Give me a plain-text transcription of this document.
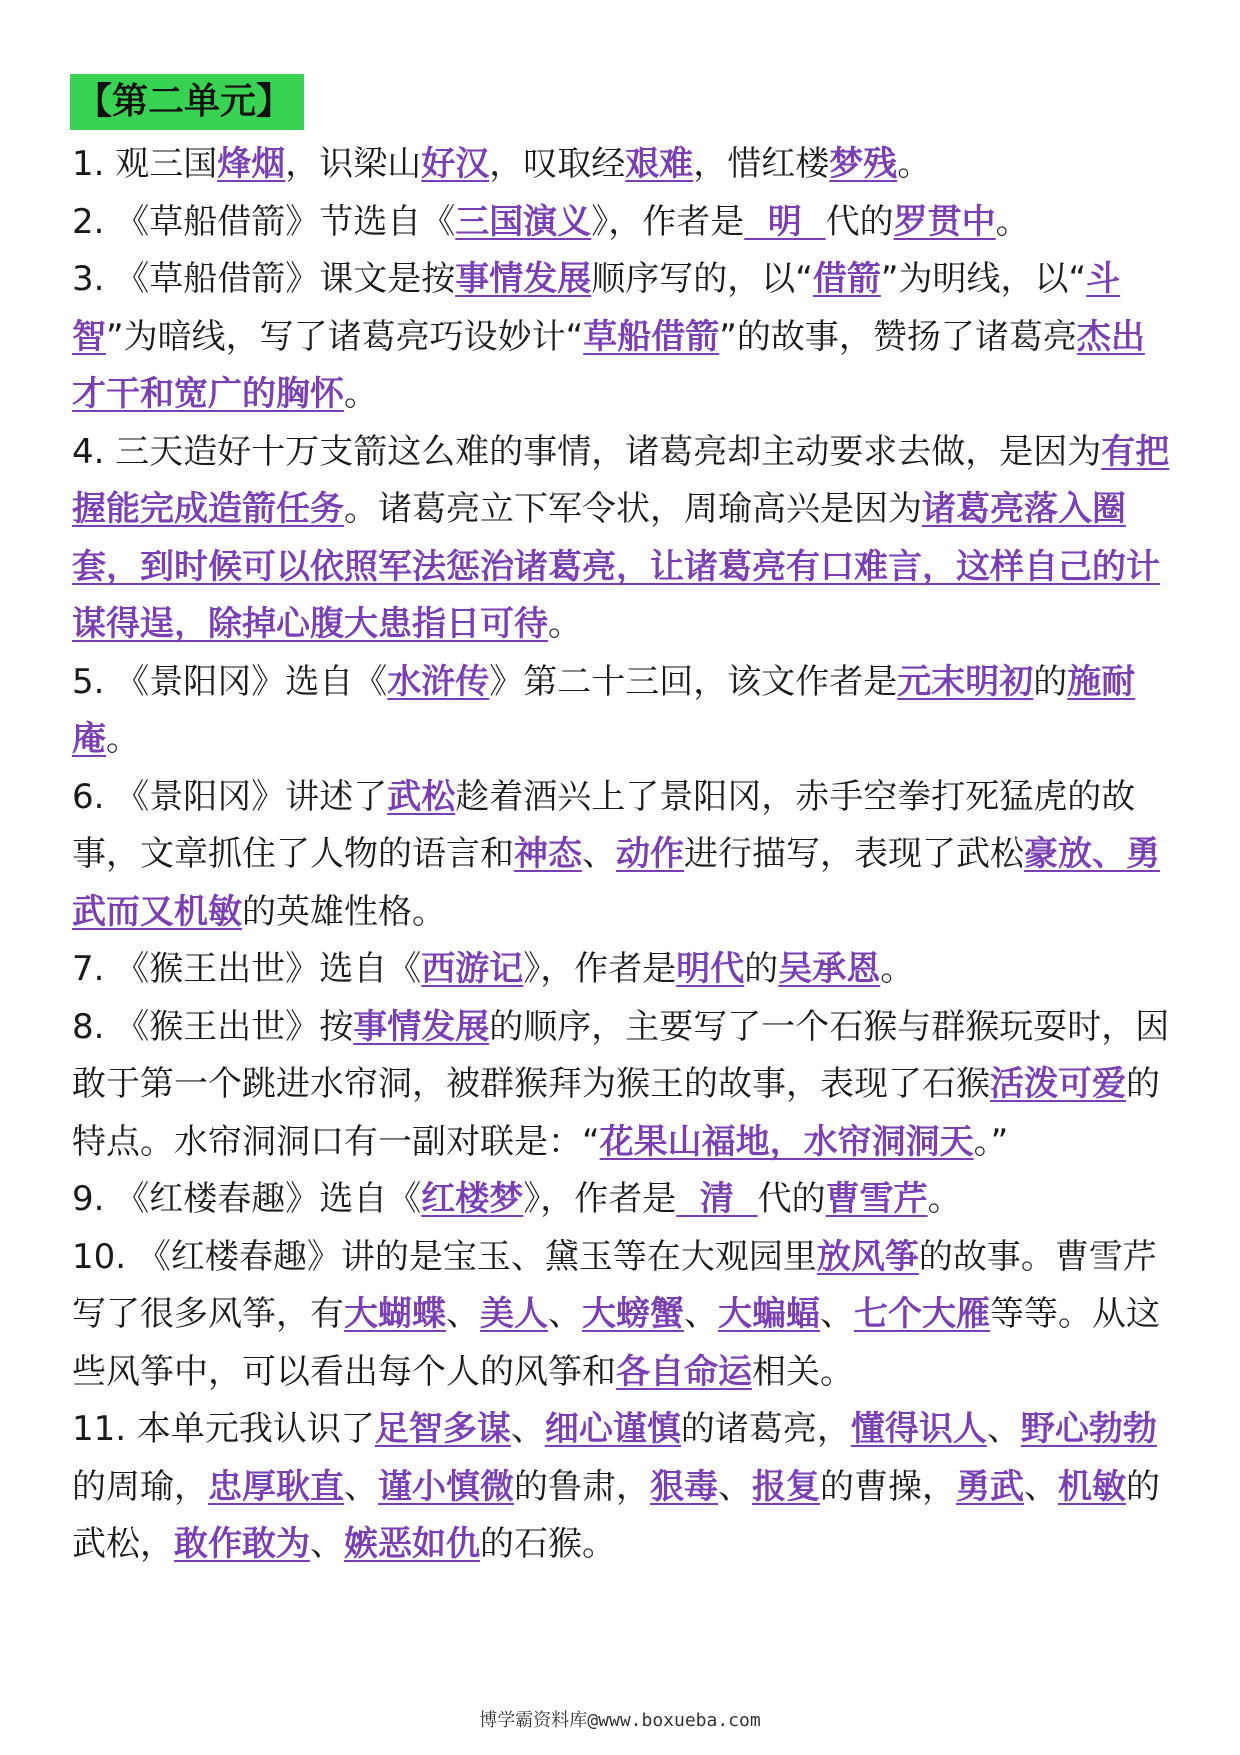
【第二单元】

1. 观三国烽烟，识梁山好汉，叹取经艰难，惜红楼梦残。

2. 《草船借箭》节选自《三国演义》，作者是  明  代的罗贯中。

3. 《草船借箭》课文是按事情发展顺序写的，以“借箭”为明线，以“斗智”为暗线，写了诸葛亮巧设妙计“草船借箭”的故事，赞扬了诸葛亮杰出才干和宽广的胸怀。

4. 三天造好十万支箭这么难的事情，诸葛亮却主动要求去做，是因为有把握能完成造箭任务。诸葛亮立下军令状，周瑜高兴是因为诸葛亮落入圈套，到时候可以依照军法惩治诸葛亮，让诸葛亮有口难言，这样自己的计谋得逞，除掉心腹大患指日可待。

5. 《景阳冈》选自《水浒传》第二十三回，该文作者是元末明初的施耐庵。

6. 《景阳冈》讲述了武松趁着酒兴上了景阳冈，赤手空拳打死猛虎的故事，文章抓住了人物的语言和神态、动作进行描写，表现了武松豪放、勇武而又机敏的英雄性格。

7. 《猴王出世》选自《西游记》，作者是明代的吴承恩。

8. 《猴王出世》按事情发展的顺序，主要写了一个石猴与群猴玩耍时，因敢于第一个跳进水帘洞，被群猴拜为猴王的故事，表现了石猴活泼可爱的特点。水帘洞洞口有一副对联是：“花果山福地，水帘洞洞天。”

9. 《红楼春趣》选自《红楼梦》，作者是  清  代的曹雪芹。

10. 《红楼春趣》讲的是宝玉、黛玉等在大观园里放风筝的故事。曹雪芹写了很多风筝，有大蝴蝶、美人、大螃蟹、大蝙蝠、七个大雁等等。从这些风筝中，可以看出每个人的风筝和各自命运相关。

11. 本单元我认识了足智多谋、细心谨慎的诸葛亮，懂得识人、野心勃勃的周瑜，忠厚耿直、谨小慎微的鲁肃，狠毒、报复的曹操，勇武、机敏的武松，敢作敢为、嫉恶如仇的石猴。

博学霸资料库@www.boxueba.com
